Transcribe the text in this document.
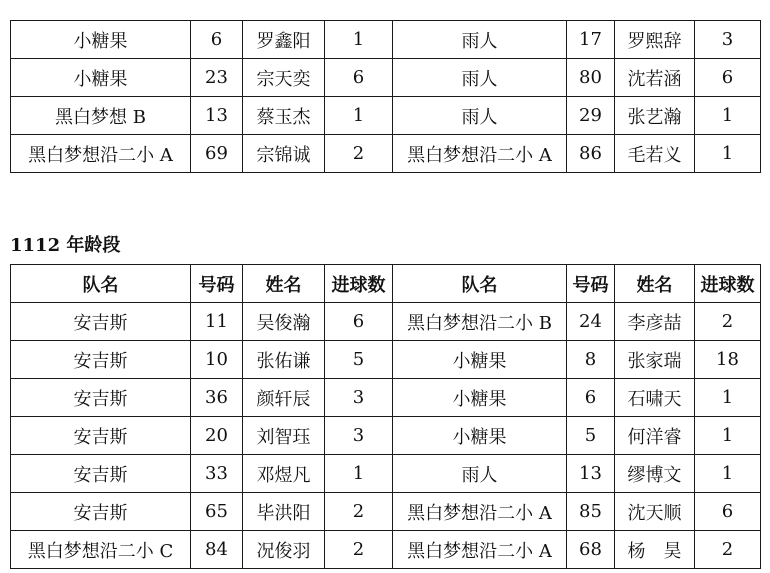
小糖果	6	罗鑫阳	1	雨人	17	罗熙辞	3
小糖果	23	宗天奕	6	雨人	80	沈若涵	6
黑白梦想 B	13	蔡玉杰	1	雨人	29	张艺瀚	1
黑白梦想沿二小 A	69	宗锦诚	2	黑白梦想沿二小 A	86	毛若义	1
1112 年龄段
队名	号码	姓名	进球数	队名	号码	姓名	进球数
安吉斯	11	吴俊瀚	6	黑白梦想沿二小 B	24	李彦喆	2
安吉斯	10	张佑谦	5	小糖果	8	张家瑞	18
安吉斯	36	颜轩辰	3	小糖果	6	石啸天	1
安吉斯	20	刘智珏	3	小糖果	5	何洋睿	1
安吉斯	33	邓煜凡	1	雨人	13	缪博文	1
安吉斯	65	毕洪阳	2	黑白梦想沿二小 A	85	沈天顺	6
黑白梦想沿二小 C	84	况俊羽	2	黑白梦想沿二小 A	68	杨　昊	2
